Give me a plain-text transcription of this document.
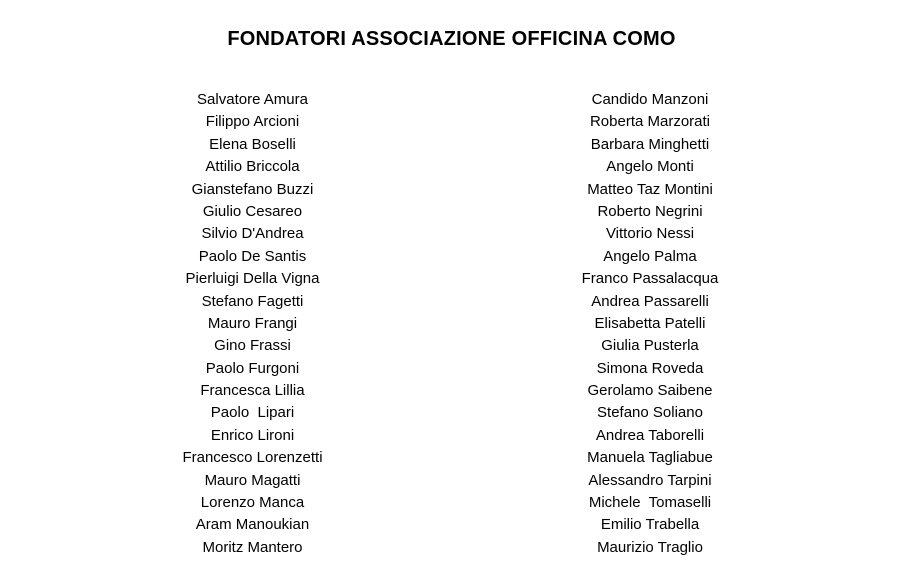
FONDATORI ASSOCIAZIONE OFFICINA COMO
Salvatore Amura
Filippo Arcioni
Elena Boselli
Attilio Briccola
Gianstefano Buzzi
Giulio Cesareo
Silvio D'Andrea
Paolo De Santis
Pierluigi Della Vigna
Stefano Fagetti
Mauro Frangi
Gino Frassi
Paolo Furgoni
Francesca Lillia
Paolo  Lipari
Enrico Lironi
Francesco Lorenzetti
Mauro Magatti
Lorenzo Manca
Aram Manoukian
Moritz Mantero
Candido Manzoni
Roberta Marzorati
Barbara Minghetti
Angelo Monti
Matteo Taz Montini
Roberto Negrini
Vittorio Nessi
Angelo Palma
Franco Passalacqua
Andrea Passarelli
Elisabetta Patelli
Giulia Pusterla
Simona Roveda
Gerolamo Saibene
Stefano Soliano
Andrea Taborelli
Manuela Tagliabue
Alessandro Tarpini
Michele  Tomaselli
Emilio Trabella
Maurizio Traglio
